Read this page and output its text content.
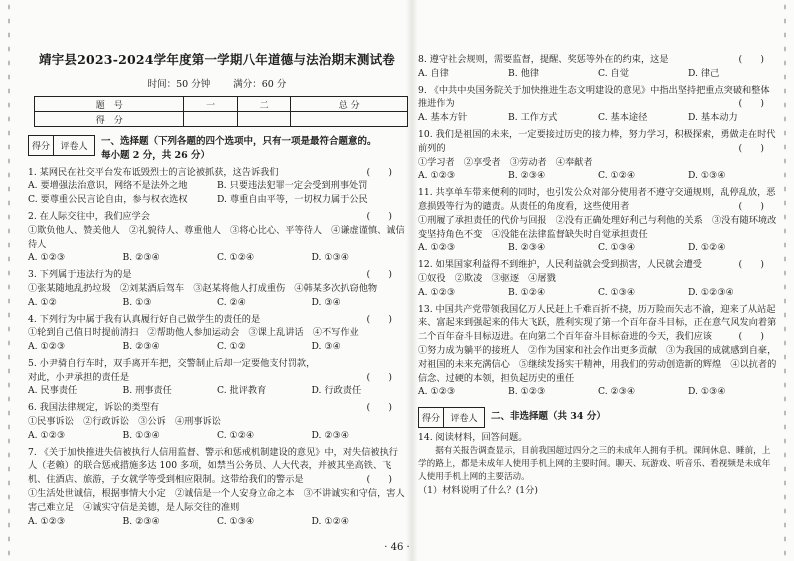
靖宇县2023-2024学年度第一学期八年道德与法治期末测试卷
时间：50 分钟 满分：60 分
题　号	一	二	总 分
得　分			
得分	评卷人	一、选择题（下列各题的四个选项中，只有一项是最符合题意的。
每小题 2 分，共 26 分）

1. 某网民在社交平台发布诋毁烈士的言论被抓获，这告诉我们	(　　)

A. 要增强法治意识，网络不是法外之地	B. 只要违法犯罪一定会受到刑事处罚
C. 要尊重公民言论自由，参与权衣选权	D. 尊重自由平等，一切权力属于公民

2. 在人际交往中，我们应学会	(　　)

①欺负他人、赞美他人　②礼貌待人、尊重他人　③将心比心、平等待人　④谦虚谨慎、诚信待人

A. ①②③	B. ②③④	C. ①②④	D. ①③④

3. 下列属于违法行为的是	(　　)

①张某随地乱扔垃圾　②刘某酒后驾车　③赵某将他人打成重伤　④韩某多次扒窃他物

A. ①②	B. ①③	C. ②④	D. ③④

4. 下列行为中属于我有认真履行好自己做学生的责任的是	(　　)

①轮到自己值日时提前清扫　②帮助他人参加运动会　③课上乱讲话　④不写作业

A. ①②③	B. ②③④	C. ①②	D. ③④

5. 小尹骑自行车时，双手离开车把，交警制止后却一定要他支付罚款，

对此，小尹承担的责任是	(　　)

A. 民事责任	B. 刑事责任	C. 批评教育	D. 行政责任

6. 我国法律规定，诉讼的类型有	(　　)

①民事诉讼　②行政诉讼　③公诉　④刑事诉讼

A. ①②③	B. ①③④	C. ①②④	D. ②③④

7. 《关于加快推进失信被执行人信用监督、警示和惩戒机制建设的意见》中，对失信被执行人（老赖）的联合惩戒措施多达 100 多项，如禁当公务员、人大代表，并被其坐高铁、飞机、住酒店、旅游，子女就学等受到相应限制。这带给我们的警示是	(　　)

①生活处世诚信，根据事情大小定　②诚信是一个人安身立命之本　③不讲诚实和守信，害人害己难立足　④诚实守信是美德，是人际交往的准则

A. ①②③	B. ②③④	C. ①③④	D. ①②④

8. 遵守社会规则，需要监督，提醒、奖惩等外在的约束，这是	(　　)

A. 自律	B. 他律	C. 自觉	D. 律己

9. 《中共中央国务院关于加快推进生态文明建设的意见》中指出坚持把重点突破和整体推进作为	(　　)

A. 基本方针	B. 工作方式	C. 基本途径	D. 基本动力

10. 我们是祖国的未来，一定要接过历史的接力棒，努力学习，积极探索，勇做走在时代前列的	(　　)

①学习者　②享受者　③劳动者　④奉献者

A. ①②③	B. ②③④	C. ①②④	D. ①③④

11. 共享单车带来便利的同时，也引发公众对部分使用者不遵守交通规则，乱停乱放，恶意损毁等行为的谴责。从责任的角度看，这些使用者	(　　)

①刑履了承担责任的代价与回报　②没有正确处理好利己与利他的关系　③没有随环境改变坚持角色不变　④没能在法律监督缺失时自觉承担责任

A. ①②③	B. ②③④	C. ①③④	D. ①②④

12. 如果国家利益得不到维护，人民利益就会受到损害，人民就会遭受	(　　)

①奴役　②欺凌　③驱逐　④屠戮

A. ①②③	B. ①②④	C. ①③④	D. ①②③④

13. 中国共产党带领我国亿万人民赶上千难百折不挠，历万险而矢志不渝，迎来了从站起来、富起来到强起来的伟大飞跃，胜利实现了第一个百年奋斗目标，正在意气风发向着第二个百年奋斗目标迈进。在向第二个百年奋斗目标奋进的今天，我们应该	(　　)

①努力成为躺平的接班人　②作为国家和社会作出更多贡献　③为我国的成就感到自豪，对祖国的未来充满信心　⑤继续发扬实干精神，用我们的劳动创造新的辉煌　④以抗者的信念、过硬的本领，担负起历史的重任

A. ①②③	B. ①②③	C. ②③④	D. ①③④
得分	评卷人	二、非选择题（共 34 分）

14. 阅读材料，回答问题。

据有关报告调查显示，目前我国超过四分之三的未成年人拥有手机。课间休息、睡前，上学的路上，都是未成年人使用手机上网的主要时间。聊天、玩游戏、听音乐、看视频是未成年人使用手机上网的主要活动。

（1）材料说明了什么？(1分)

· 46 ·
